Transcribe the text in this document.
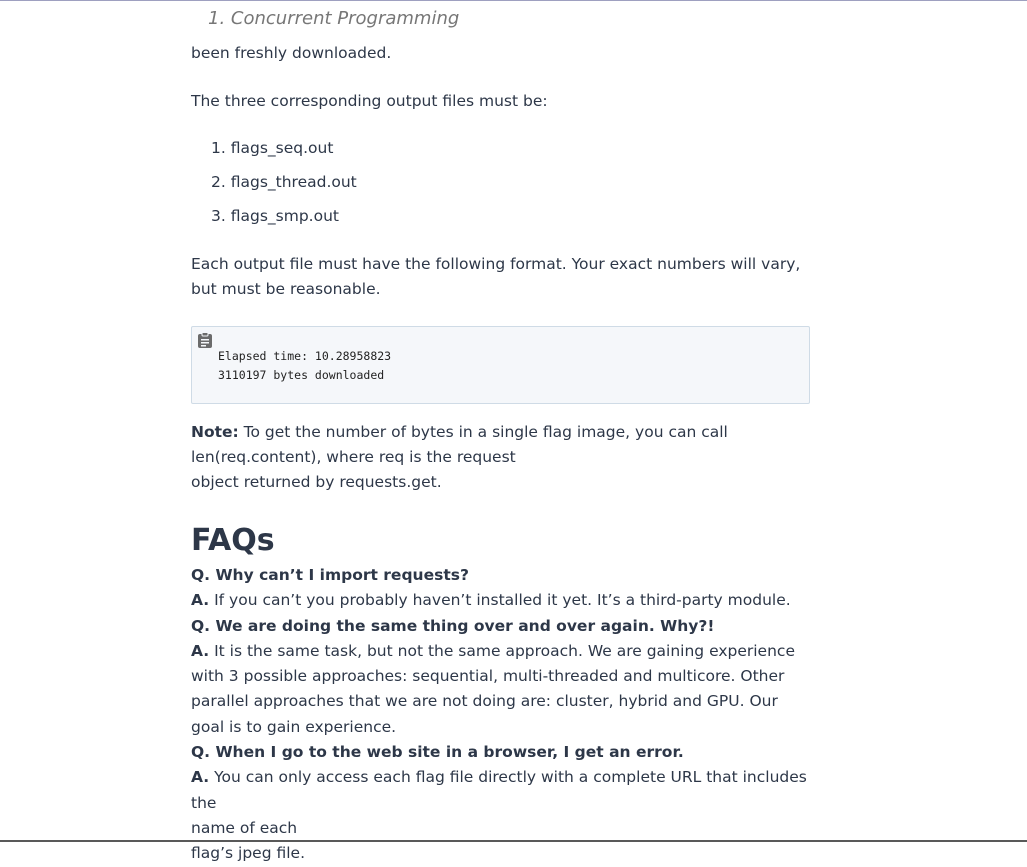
1. Concurrent Programming

been freshly downloaded.

The three corresponding output files must be:

1. flags_seq.out
2. flags_thread.out
3. flags_smp.out

Each output file must have the following format. Your exact numbers will vary, but must be reasonable.

Elapsed time: 10.28958823
3110197 bytes downloaded
Note: To get the number of bytes in a single flag image, you can call
len(req.content), where req is the request
object returned by requests.get.
FAQs
Q. Why can’t I import requests?
A. If you can’t you probably haven’t installed it yet. It’s a third-party module.
Q. We are doing the same thing over and over again. Why?!
A. It is the same task, but not the same approach. We are gaining experience with 3 possible approaches: sequential, multi-threaded and multicore. Other parallel approaches that we are not doing are: cluster, hybrid and GPU. Our goal is to gain experience.
Q. When I go to the web site in a browser, I get an error.
A. You can only access each flag file directly with a complete URL that includes the
name of each
flag’s jpeg file.
